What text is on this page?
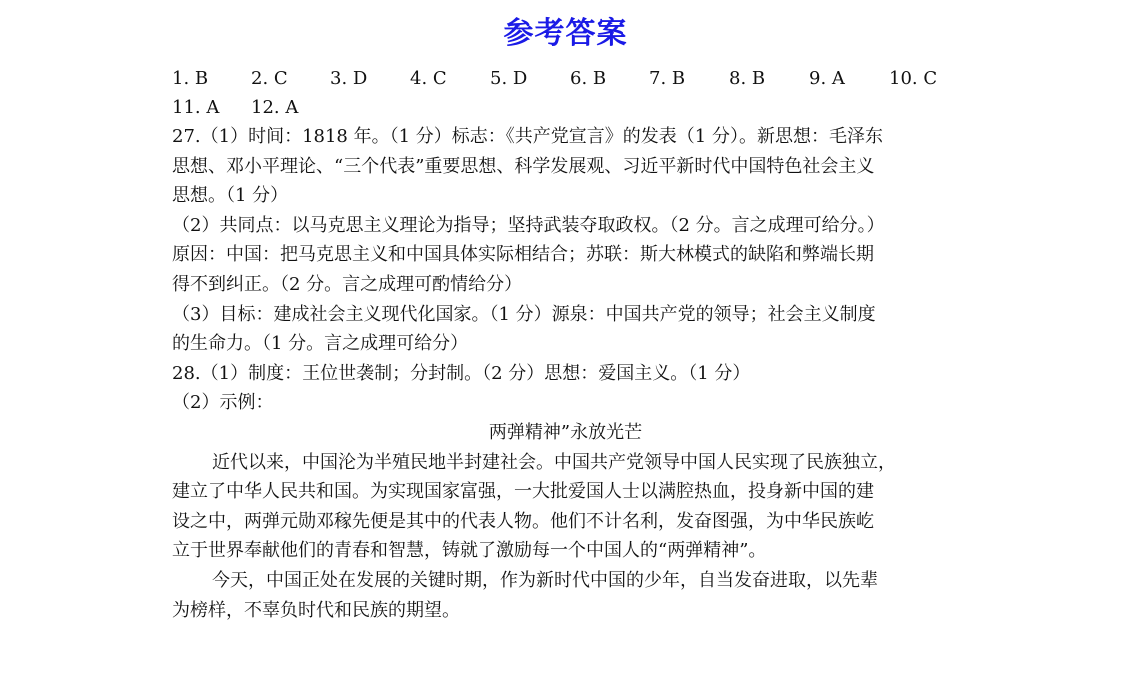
参考答案
1. B 2. C 3. D 4. C 5. D 6. B 7. B 8. B 9. A 10. C
11. A 12. A
27.（1）时间：1818 年。（1 分）标志：《共产党宣言》的发表（1 分）。新思想：毛泽东
思想、邓小平理论、“三个代表”重要思想、科学发展观、习近平新时代中国特色社会主义
思想。（1 分）
（2）共同点：以马克思主义理论为指导；坚持武装夺取政权。（2 分。言之成理可给分。）
原因：中国：把马克思主义和中国具体实际相结合；苏联：斯大林模式的缺陷和弊端长期
得不到纠正。（2 分。言之成理可酌情给分）
（3）目标：建成社会主义现代化国家。（1 分）源泉：中国共产党的领导；社会主义制度
的生命力。（1 分。言之成理可给分）
28.（1）制度：王位世袭制；分封制。（2 分）思想：爱国主义。（1 分）
（2）示例：
两弹精神”永放光芒
近代以来，中国沦为半殖民地半封建社会。中国共产党领导中国人民实现了民族独立，
建立了中华人民共和国。为实现国家富强，一大批爱国人士以满腔热血，投身新中国的建
设之中，两弹元勋邓稼先便是其中的代表人物。他们不计名利，发奋图强，为中华民族屹
立于世界奉献他们的青春和智慧，铸就了激励每一个中国人的“两弹精神”。
今天，中国正处在发展的关键时期，作为新时代中国的少年，自当发奋进取，以先辈
为榜样，不辜负时代和民族的期望。
